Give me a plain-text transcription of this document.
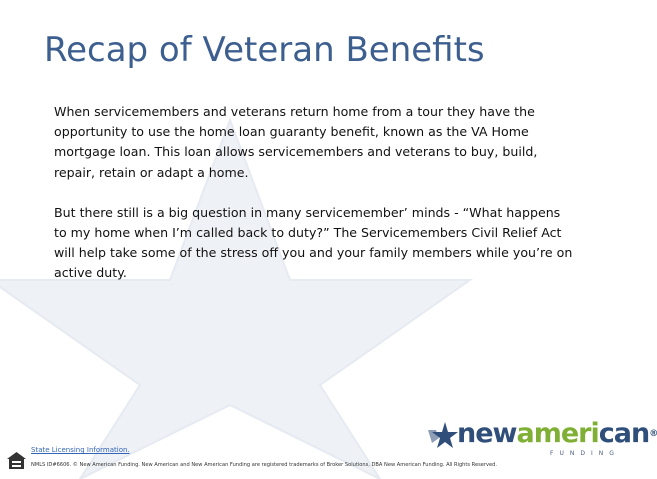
Recap of Veteran Benefits

When servicemembers and veterans return home from a tour they have the opportunity to use the home loan guaranty benefit, known as the VA Home mortgage loan. This loan allows servicemembers and veterans to buy, build, repair, retain or adapt a home.

But there still is a big question in many servicemember’ minds - “What happens to my home when I’m called back to duty?” The Servicemembers Civil Relief Act will help take some of the stress off you and your family members while you’re on active duty.

State Licensing Information.
NMLS ID#6606. © New American Funding. New American and New American Funding are registered trademarks of Broker Solutions, DBA New American Funding. All Rights Reserved.
newamerican®
FUNDING
